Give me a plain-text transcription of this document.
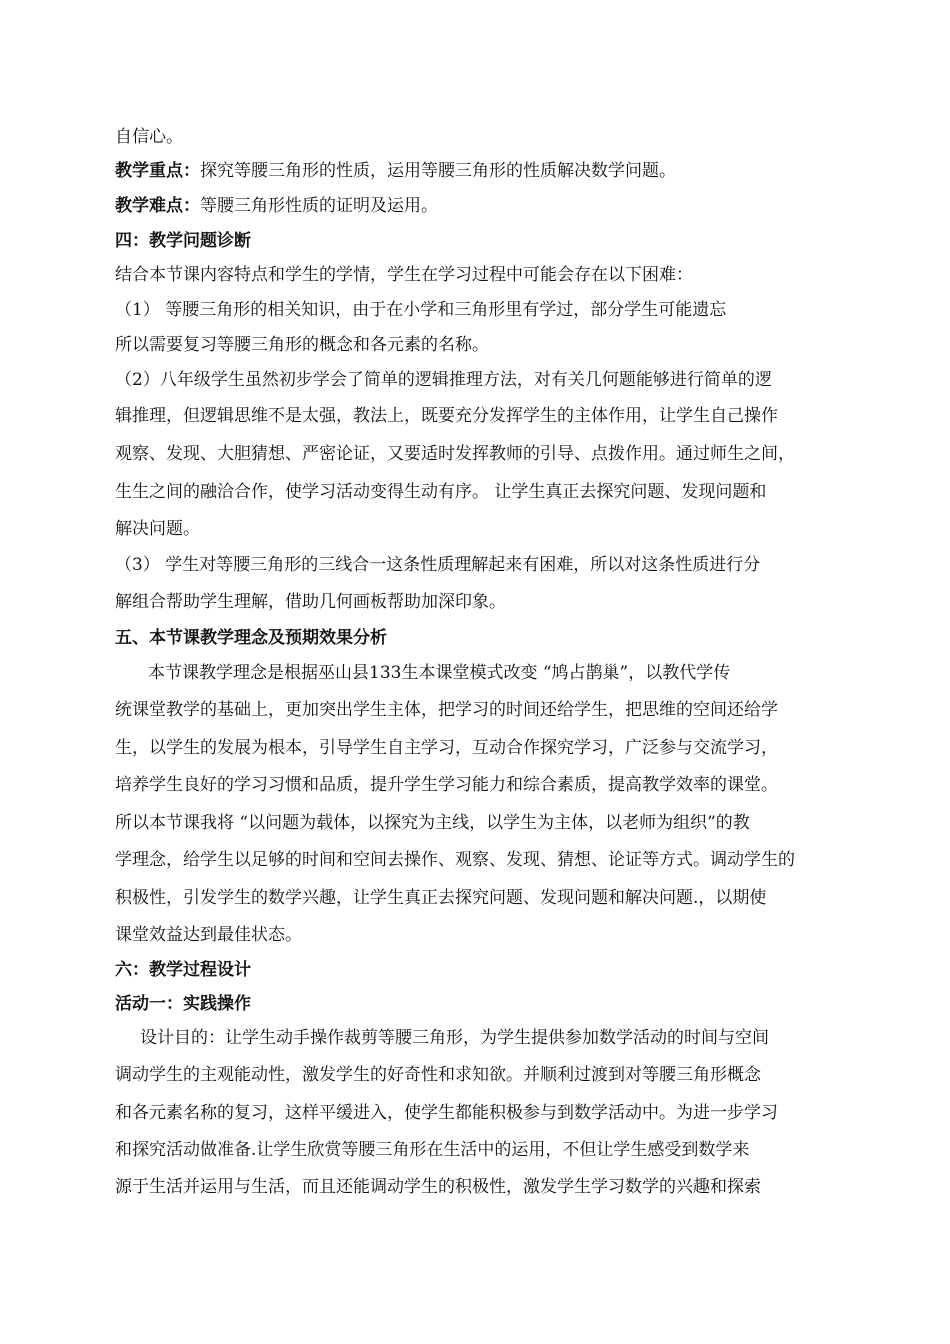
自信心。
教学重点：探究等腰三角形的性质，运用等腰三角形的性质解决数学问题。
教学难点：等腰三角形性质的证明及运用。
四：教学问题诊断
结合本节课内容特点和学生的学情，学生在学习过程中可能会存在以下困难：
（1） 等腰三角形的相关知识，由于在小学和三角形里有学过，部分学生可能遗忘
所以需要复习等腰三角形的概念和各元素的名称。
（2）八年级学生虽然初步学会了简单的逻辑推理方法，对有关几何题能够进行简单的逻
辑推理，但逻辑思维不是太强，教法上，既要充分发挥学生的主体作用，让学生自己操作
观察、发现、大胆猜想、严密论证，又要适时发挥教师的引导、点拨作用。通过师生之间，
生生之间的融洽合作，使学习活动变得生动有序。 让学生真正去探究问题、发现问题和
解决问题。
（3） 学生对等腰三角形的三线合一这条性质理解起来有困难，所以对这条性质进行分
解组合帮助学生理解，借助几何画板帮助加深印象。
五、本节课教学理念及预期效果分析
本节课教学理念是根据巫山县133生本课堂模式改变 “鸠占鹊巢”，以教代学传
统课堂教学的基础上，更加突出学生主体，把学习的时间还给学生，把思维的空间还给学
生，以学生的发展为根本，引导学生自主学习，互动合作探究学习，广泛参与交流学习，
培养学生良好的学习习惯和品质，提升学生学习能力和综合素质，提高教学效率的课堂。
所以本节课我将 “以问题为载体，以探究为主线，以学生为主体，以老师为组织”的教
学理念，给学生以足够的时间和空间去操作、观察、发现、猜想、论证等方式。调动学生的
积极性，引发学生的数学兴趣，让学生真正去探究问题、发现问题和解决问题.，以期使
课堂效益达到最佳状态。
六：教学过程设计
活动一：实践操作
设计目的：让学生动手操作裁剪等腰三角形，为学生提供参加数学活动的时间与空间
调动学生的主观能动性，激发学生的好奇性和求知欲。并顺利过渡到对等腰三角形概念
和各元素名称的复习，这样平缓进入，使学生都能积极参与到数学活动中。为进一步学习
和探究活动做准备.让学生欣赏等腰三角形在生活中的运用，不但让学生感受到数学来
源于生活并运用与生活，而且还能调动学生的积极性，激发学生学习数学的兴趣和探索
